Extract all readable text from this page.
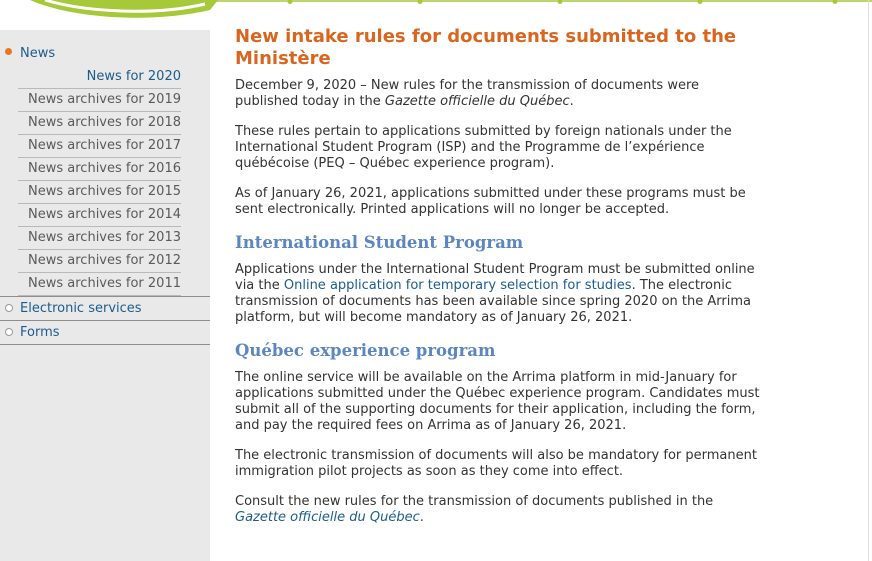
News
News for 2020
News archives for 2019
News archives for 2018
News archives for 2017
News archives for 2016
News archives for 2015
News archives for 2014
News archives for 2013
News archives for 2012
News archives for 2011
Electronic services
Forms
New intake rules for documents submitted to the Ministère

December 9, 2020 – New rules for the transmission of documents were published today in the Gazette officielle du Québec.

These rules pertain to applications submitted by foreign nationals under the International Student Program (ISP) and the Programme de l’expérience québécoise (PEQ – Québec experience program).

As of January 26, 2021, applications submitted under these programs must be sent electronically. Printed applications will no longer be accepted.

International Student Program

Applications under the International Student Program must be submitted online via the Online application for temporary selection for studies. The electronic transmission of documents has been available since spring 2020 on the Arrima platform, but will become mandatory as of January 26, 2021.

Québec experience program

The online service will be available on the Arrima platform in mid-January for applications submitted under the Québec experience program. Candidates must submit all of the supporting documents for their application, including the form, and pay the required fees on Arrima as of January 26, 2021.

The electronic transmission of documents will also be mandatory for permanent immigration pilot projects as soon as they come into effect.

Consult the new rules for the transmission of documents published in the Gazette officielle du Québec.
